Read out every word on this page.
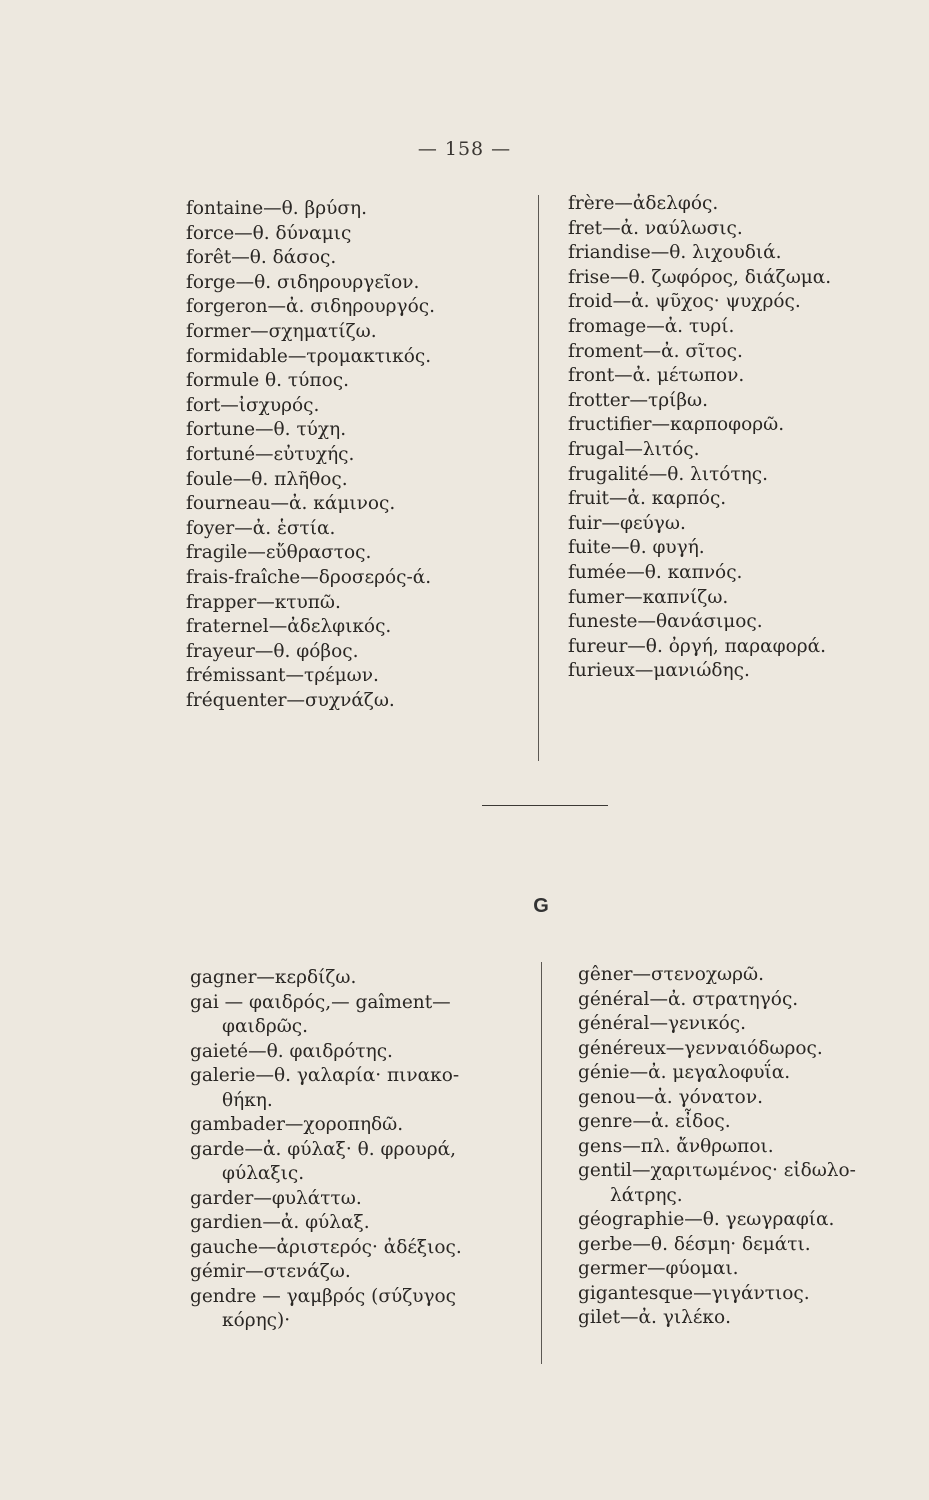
— 158 —
fontaine—θ. βρύση.
force—θ. δύναμις
forêt—θ. δάσος.
forge—θ. σιδηρουργεῖον.
forgeron—ἀ. σιδηρουργός.
former—σχηματίζω.
formidable—τρομακτικός.
formule θ. τύπος.
fort—ἰσχυρός.
fortune—θ. τύχη.
fortuné—εὐτυχής.
foule—θ. πλῆθος.
fourneau—ἀ. κάμινος.
foyer—ἀ. ἑστία.
fragile—εὔθραστος.
frais-fraîche—δροσερός-ά.
frapper—κτυπῶ.
fraternel—ἀδελφικός.
frayeur—θ. φόβος.
frémissant—τρέμων.
fréquenter—συχνάζω.
frère—ἀδελφός.
fret—ἀ. ναύλωσις.
friandise—θ. λιχουδιά.
frise—θ. ζωφόρος, διάζωμα.
froid—ἀ. ψῦχος· ψυχρός.
fromage—ἀ. τυρί.
froment—ἀ. σῖτος.
front—ἀ. μέτωπον.
frotter—τρίβω.
fructifier—καρποφορῶ.
frugal—λιτός.
frugalité—θ. λιτότης.
fruit—ἀ. καρπός.
fuir—φεύγω.
fuite—θ. φυγή.
fumée—θ. καπνός.
fumer—καπνίζω.
funeste—θανάσιμος.
fureur—θ. ὀργή, παραφορά.
furieux—μανιώδης.
G
gagner—κερδίζω.
gai — φαιδρός,— gaîment—
φαιδρῶς.
gaieté—θ. φαιδρότης.
galerie—θ. γαλαρία· πινακο-
θήκη.
gambader—χοροπηδῶ.
garde—ἀ. φύλαξ· θ. φρουρά,
φύλαξις.
garder—φυλάττω.
gardien—ἀ. φύλαξ.
gauche—ἀριστερός· ἀδέξιος.
gémir—στενάζω.
gendre — γαμβρός (σύζυγος
κόρης)·
gêner—στενοχωρῶ.
général—ἀ. στρατηγός.
général—γενικός.
généreux—γενναιόδωρος.
génie—ἀ. μεγαλοφυΐα.
genou—ἀ. γόνατον.
genre—ἀ. εἶδος.
gens—πλ. ἄνθρωποι.
gentil—χαριτωμένος· εἰδωλο-
λάτρης.
géographie—θ. γεωγραφία.
gerbe—θ. δέσμη· δεμάτι.
germer—φύομαι.
gigantesque—γιγάντιος.
gilet—ἀ. γιλέκο.
